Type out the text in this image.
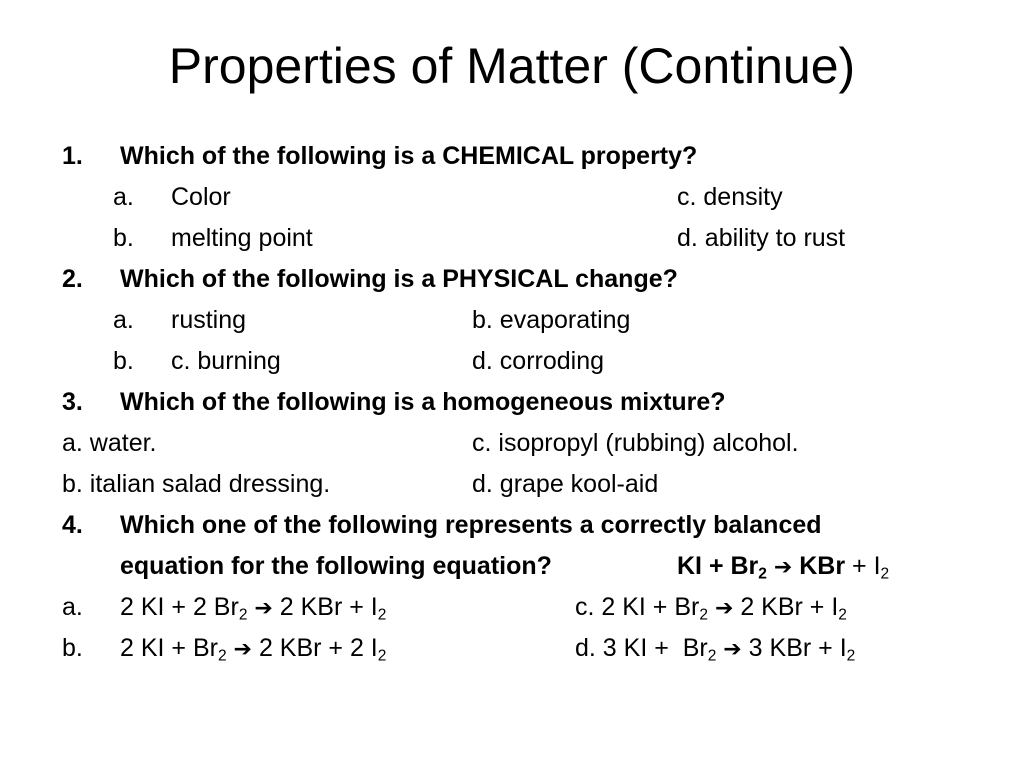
Properties of Matter (Continue)
1. Which of the following is a CHEMICAL property?
a. Color	c. density
b. melting point	d. ability to rust
2. Which of the following is a PHYSICAL change?
a. rusting	b. evaporating
b. c. burning	d. corroding
3. Which of the following is a homogeneous mixture?
a. water.	c. isopropyl (rubbing) alcohol.
b. italian salad dressing.	d. grape kool-aid
4. Which one of the following represents a correctly balanced
equation for the following equation?	KI + $Br_2$ ➔ KBr + $I_2$
a. 2 KI + 2 $Br_2$ ➔ 2 KBr + $I_2$	c. 2 KI + $Br_2$ ➔ 2 KBr + $I_2$
b. 2 KI + $Br_2$ ➔ 2 KBr + 2 $I_2$	d. 3 KI +  $Br_2$ ➔ 3 KBr + $I_2$
